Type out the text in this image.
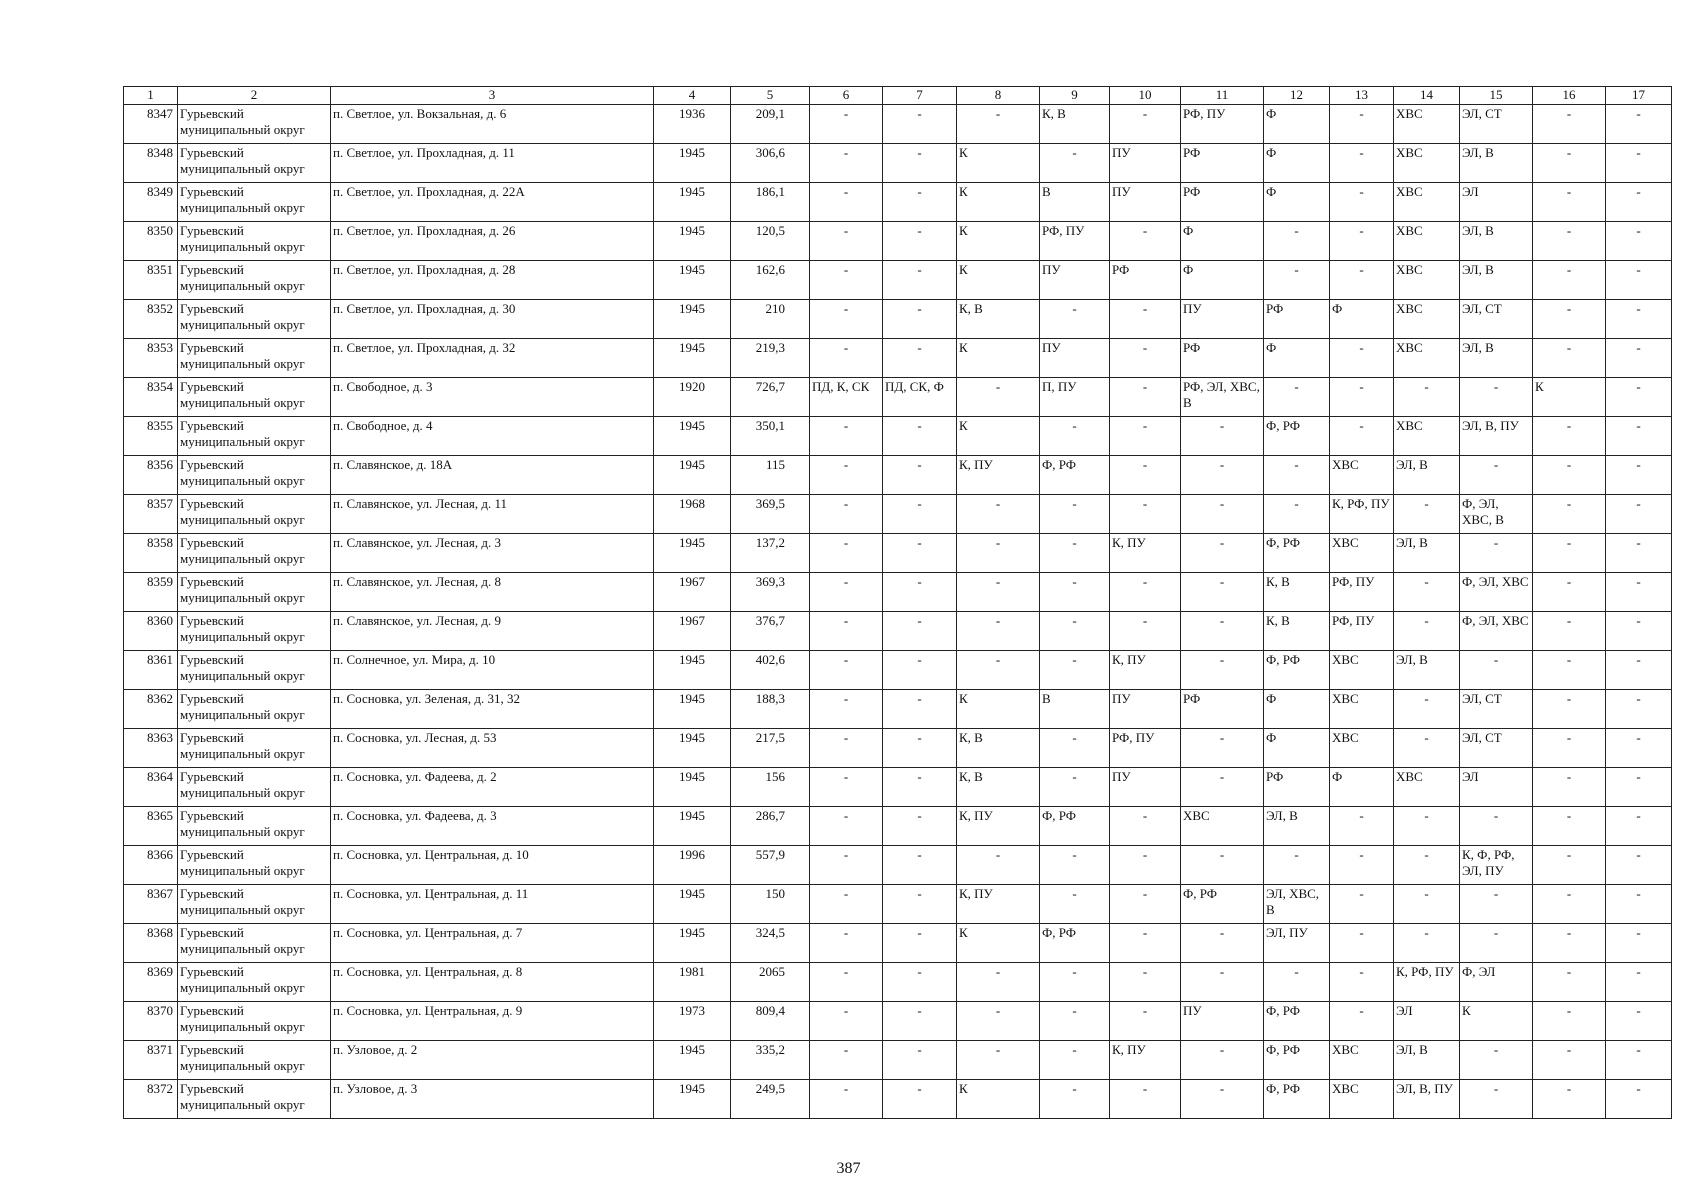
1	2	3	4	5	6	7	8	9	10	11	12	13	14	15	16	17
8347	Гурьевский муниципальный округ	п. Светлое, ул. Вокзальная, д. 6	1936	209,1	-	-	-	К, В	-	РФ, ПУ	Ф	-	ХВС	ЭЛ, СТ	-	-
8348	Гурьевский муниципальный округ	п. Светлое, ул. Прохладная, д. 11	1945	306,6	-	-	К	-	ПУ	РФ	Ф	-	ХВС	ЭЛ, В	-	-
8349	Гурьевский муниципальный округ	п. Светлое, ул. Прохладная, д. 22А	1945	186,1	-	-	К	В	ПУ	РФ	Ф	-	ХВС	ЭЛ	-	-
8350	Гурьевский муниципальный округ	п. Светлое, ул. Прохладная, д. 26	1945	120,5	-	-	К	РФ, ПУ	-	Ф	-	-	ХВС	ЭЛ, В	-	-
8351	Гурьевский муниципальный округ	п. Светлое, ул. Прохладная, д. 28	1945	162,6	-	-	К	ПУ	РФ	Ф	-	-	ХВС	ЭЛ, В	-	-
8352	Гурьевский муниципальный округ	п. Светлое, ул. Прохладная, д. 30	1945	210	-	-	К, В	-	-	ПУ	РФ	Ф	ХВС	ЭЛ, СТ	-	-
8353	Гурьевский муниципальный округ	п. Светлое, ул. Прохладная, д. 32	1945	219,3	-	-	К	ПУ	-	РФ	Ф	-	ХВС	ЭЛ, В	-	-
8354	Гурьевский муниципальный округ	п. Свободное, д. 3	1920	726,7	ПД, К, СК	ПД, СК, Ф	-	П, ПУ	-	РФ, ЭЛ, ХВС, В	-	-	-	-	К	-
8355	Гурьевский муниципальный округ	п. Свободное, д. 4	1945	350,1	-	-	К	-	-	-	Ф, РФ	-	ХВС	ЭЛ, В, ПУ	-	-
8356	Гурьевский муниципальный округ	п. Славянское, д. 18А	1945	115	-	-	К, ПУ	Ф, РФ	-	-	-	ХВС	ЭЛ, В	-	-	-
8357	Гурьевский муниципальный округ	п. Славянское, ул. Лесная, д. 11	1968	369,5	-	-	-	-	-	-	-	К, РФ, ПУ	-	Ф, ЭЛ, ХВС, В	-	-
8358	Гурьевский муниципальный округ	п. Славянское, ул. Лесная, д. 3	1945	137,2	-	-	-	-	К, ПУ	-	Ф, РФ	ХВС	ЭЛ, В	-	-	-
8359	Гурьевский муниципальный округ	п. Славянское, ул. Лесная, д. 8	1967	369,3	-	-	-	-	-	-	К, В	РФ, ПУ	-	Ф, ЭЛ, ХВС	-	-
8360	Гурьевский муниципальный округ	п. Славянское, ул. Лесная, д. 9	1967	376,7	-	-	-	-	-	-	К, В	РФ, ПУ	-	Ф, ЭЛ, ХВС	-	-
8361	Гурьевский муниципальный округ	п. Солнечное, ул. Мира, д. 10	1945	402,6	-	-	-	-	К, ПУ	-	Ф, РФ	ХВС	ЭЛ, В	-	-	-
8362	Гурьевский муниципальный округ	п. Сосновка, ул. Зеленая, д. 31, 32	1945	188,3	-	-	К	В	ПУ	РФ	Ф	ХВС	-	ЭЛ, СТ	-	-
8363	Гурьевский муниципальный округ	п. Сосновка, ул. Лесная, д. 53	1945	217,5	-	-	К, В	-	РФ, ПУ	-	Ф	ХВС	-	ЭЛ, СТ	-	-
8364	Гурьевский муниципальный округ	п. Сосновка, ул. Фадеева, д. 2	1945	156	-	-	К, В	-	ПУ	-	РФ	Ф	ХВС	ЭЛ	-	-
8365	Гурьевский муниципальный округ	п. Сосновка, ул. Фадеева, д. 3	1945	286,7	-	-	К, ПУ	Ф, РФ	-	ХВС	ЭЛ, В	-	-	-	-	-
8366	Гурьевский муниципальный округ	п. Сосновка, ул. Центральная, д. 10	1996	557,9	-	-	-	-	-	-	-	-	-	К, Ф, РФ, ЭЛ, ПУ	-	-
8367	Гурьевский муниципальный округ	п. Сосновка, ул. Центральная, д. 11	1945	150	-	-	К, ПУ	-	-	Ф, РФ	ЭЛ, ХВС, В	-	-	-	-	-
8368	Гурьевский муниципальный округ	п. Сосновка, ул. Центральная, д. 7	1945	324,5	-	-	К	Ф, РФ	-	-	ЭЛ, ПУ	-	-	-	-	-
8369	Гурьевский муниципальный округ	п. Сосновка, ул. Центральная, д. 8	1981	2065	-	-	-	-	-	-	-	-	К, РФ, ПУ	Ф, ЭЛ	-	-
8370	Гурьевский муниципальный округ	п. Сосновка, ул. Центральная, д. 9	1973	809,4	-	-	-	-	-	ПУ	Ф, РФ	-	ЭЛ	К	-	-
8371	Гурьевский муниципальный округ	п. Узловое, д. 2	1945	335,2	-	-	-	-	К, ПУ	-	Ф, РФ	ХВС	ЭЛ, В	-	-	-
8372	Гурьевский муниципальный округ	п. Узловое, д. 3	1945	249,5	-	-	К	-	-	-	Ф, РФ	ХВС	ЭЛ, В, ПУ	-	-	-
387
